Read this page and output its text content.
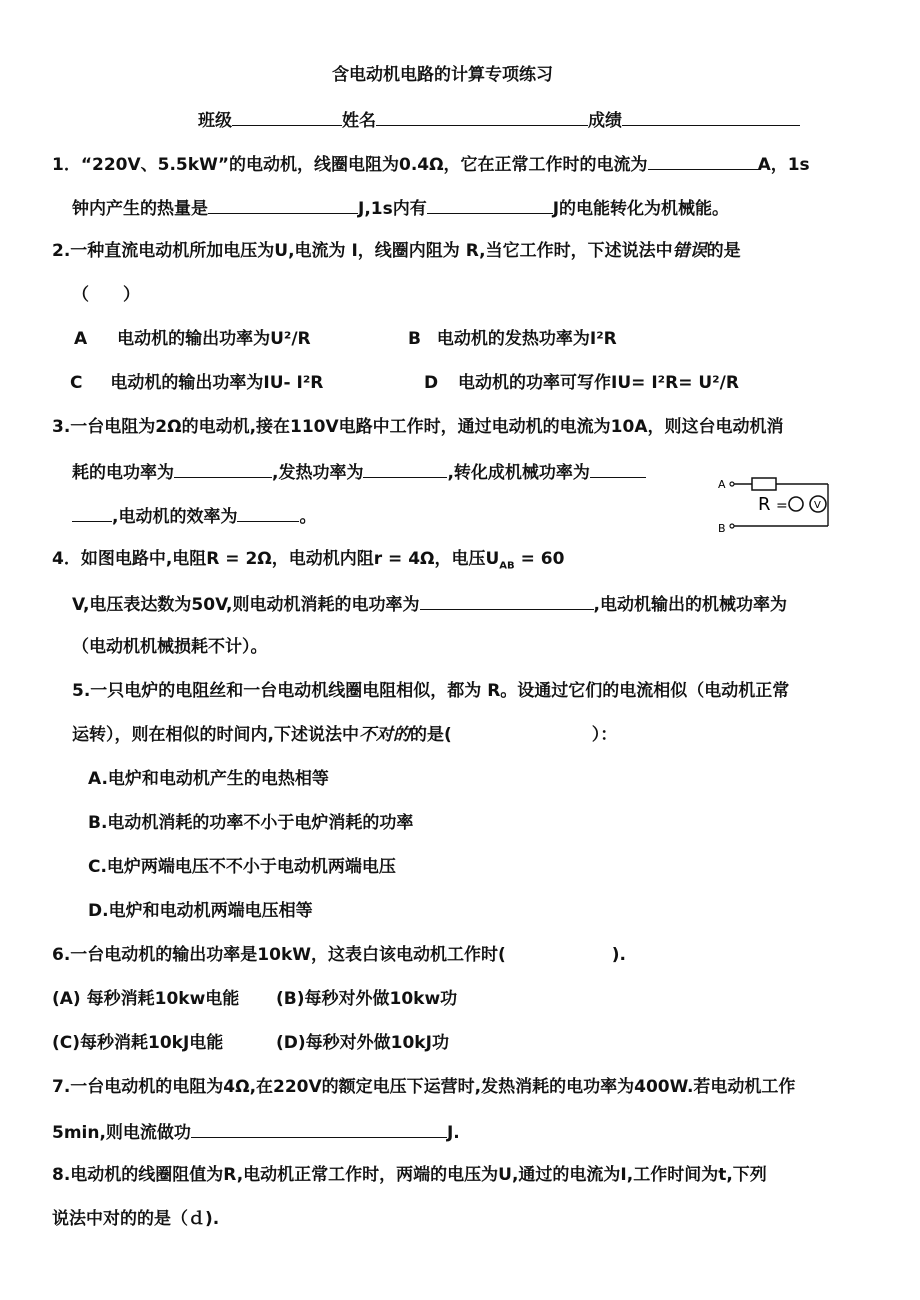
含电动机电路的计算专项练习
班级	姓名	成绩
1．“220V、5.5kW”的电动机，线圈电阻为0.4Ω，它在正常工作时的电流为	A，1s
钟内产生的热量是	J,1s内有	J的电能转化为机械能。
2.一种直流电动机所加电压为U,电流为 I，线圈内阻为 R,当它工作时，下述说法中错误的是
（　　）
A 电动机的输出功率为U²/R	B 电动机的发热功率为I²R
C 电动机的输出功率为IU- I²R	D 电动机的功率可写作IU= I²R= U²/R
3.一台电阻为2Ω的电动机,接在110V电路中工作时，通过电动机的电流为10A，则这台电动机消
耗的电功率为	,发热功率为	,转化成机械功率为
,电动机的效率为	。
A
B
R =	V
4．如图电路中,电阻R = 2Ω，电动机内阻r = 4Ω，电压$U_{AB} = 60$
V,电压表达数为50V,则电动机消耗的电功率为	,电动机输出的机械功率为
（电动机机械损耗不计）。
5.一只电炉的电阻丝和一台电动机线圈电阻相似，都为 R。设通过它们的电流相似（电动机正常
运转），则在相似的时间内,下述说法中不对的的是(	）：
A.电炉和电动机产生的电热相等
B.电动机消耗的功率不小于电炉消耗的功率
C.电炉两端电压不不小于电动机两端电压
D.电炉和电动机两端电压相等
6.一台电动机的输出功率是10kW，这表白该电动机工作时(	).
(A) 每秒消耗10kw电能 (B)每秒对外做10kw功
(C)每秒消耗10kJ电能	(D)每秒对外做10kJ功
7.一台电动机的电阻为4Ω,在220V的额定电压下运营时,发热消耗的电功率为400W.若电动机工作
5min,则电流做功	J.
8.电动机的线圈阻值为R,电动机正常工作时，两端的电压为U,通过的电流为I,工作时间为t,下列
说法中对的的是（ｄ).
